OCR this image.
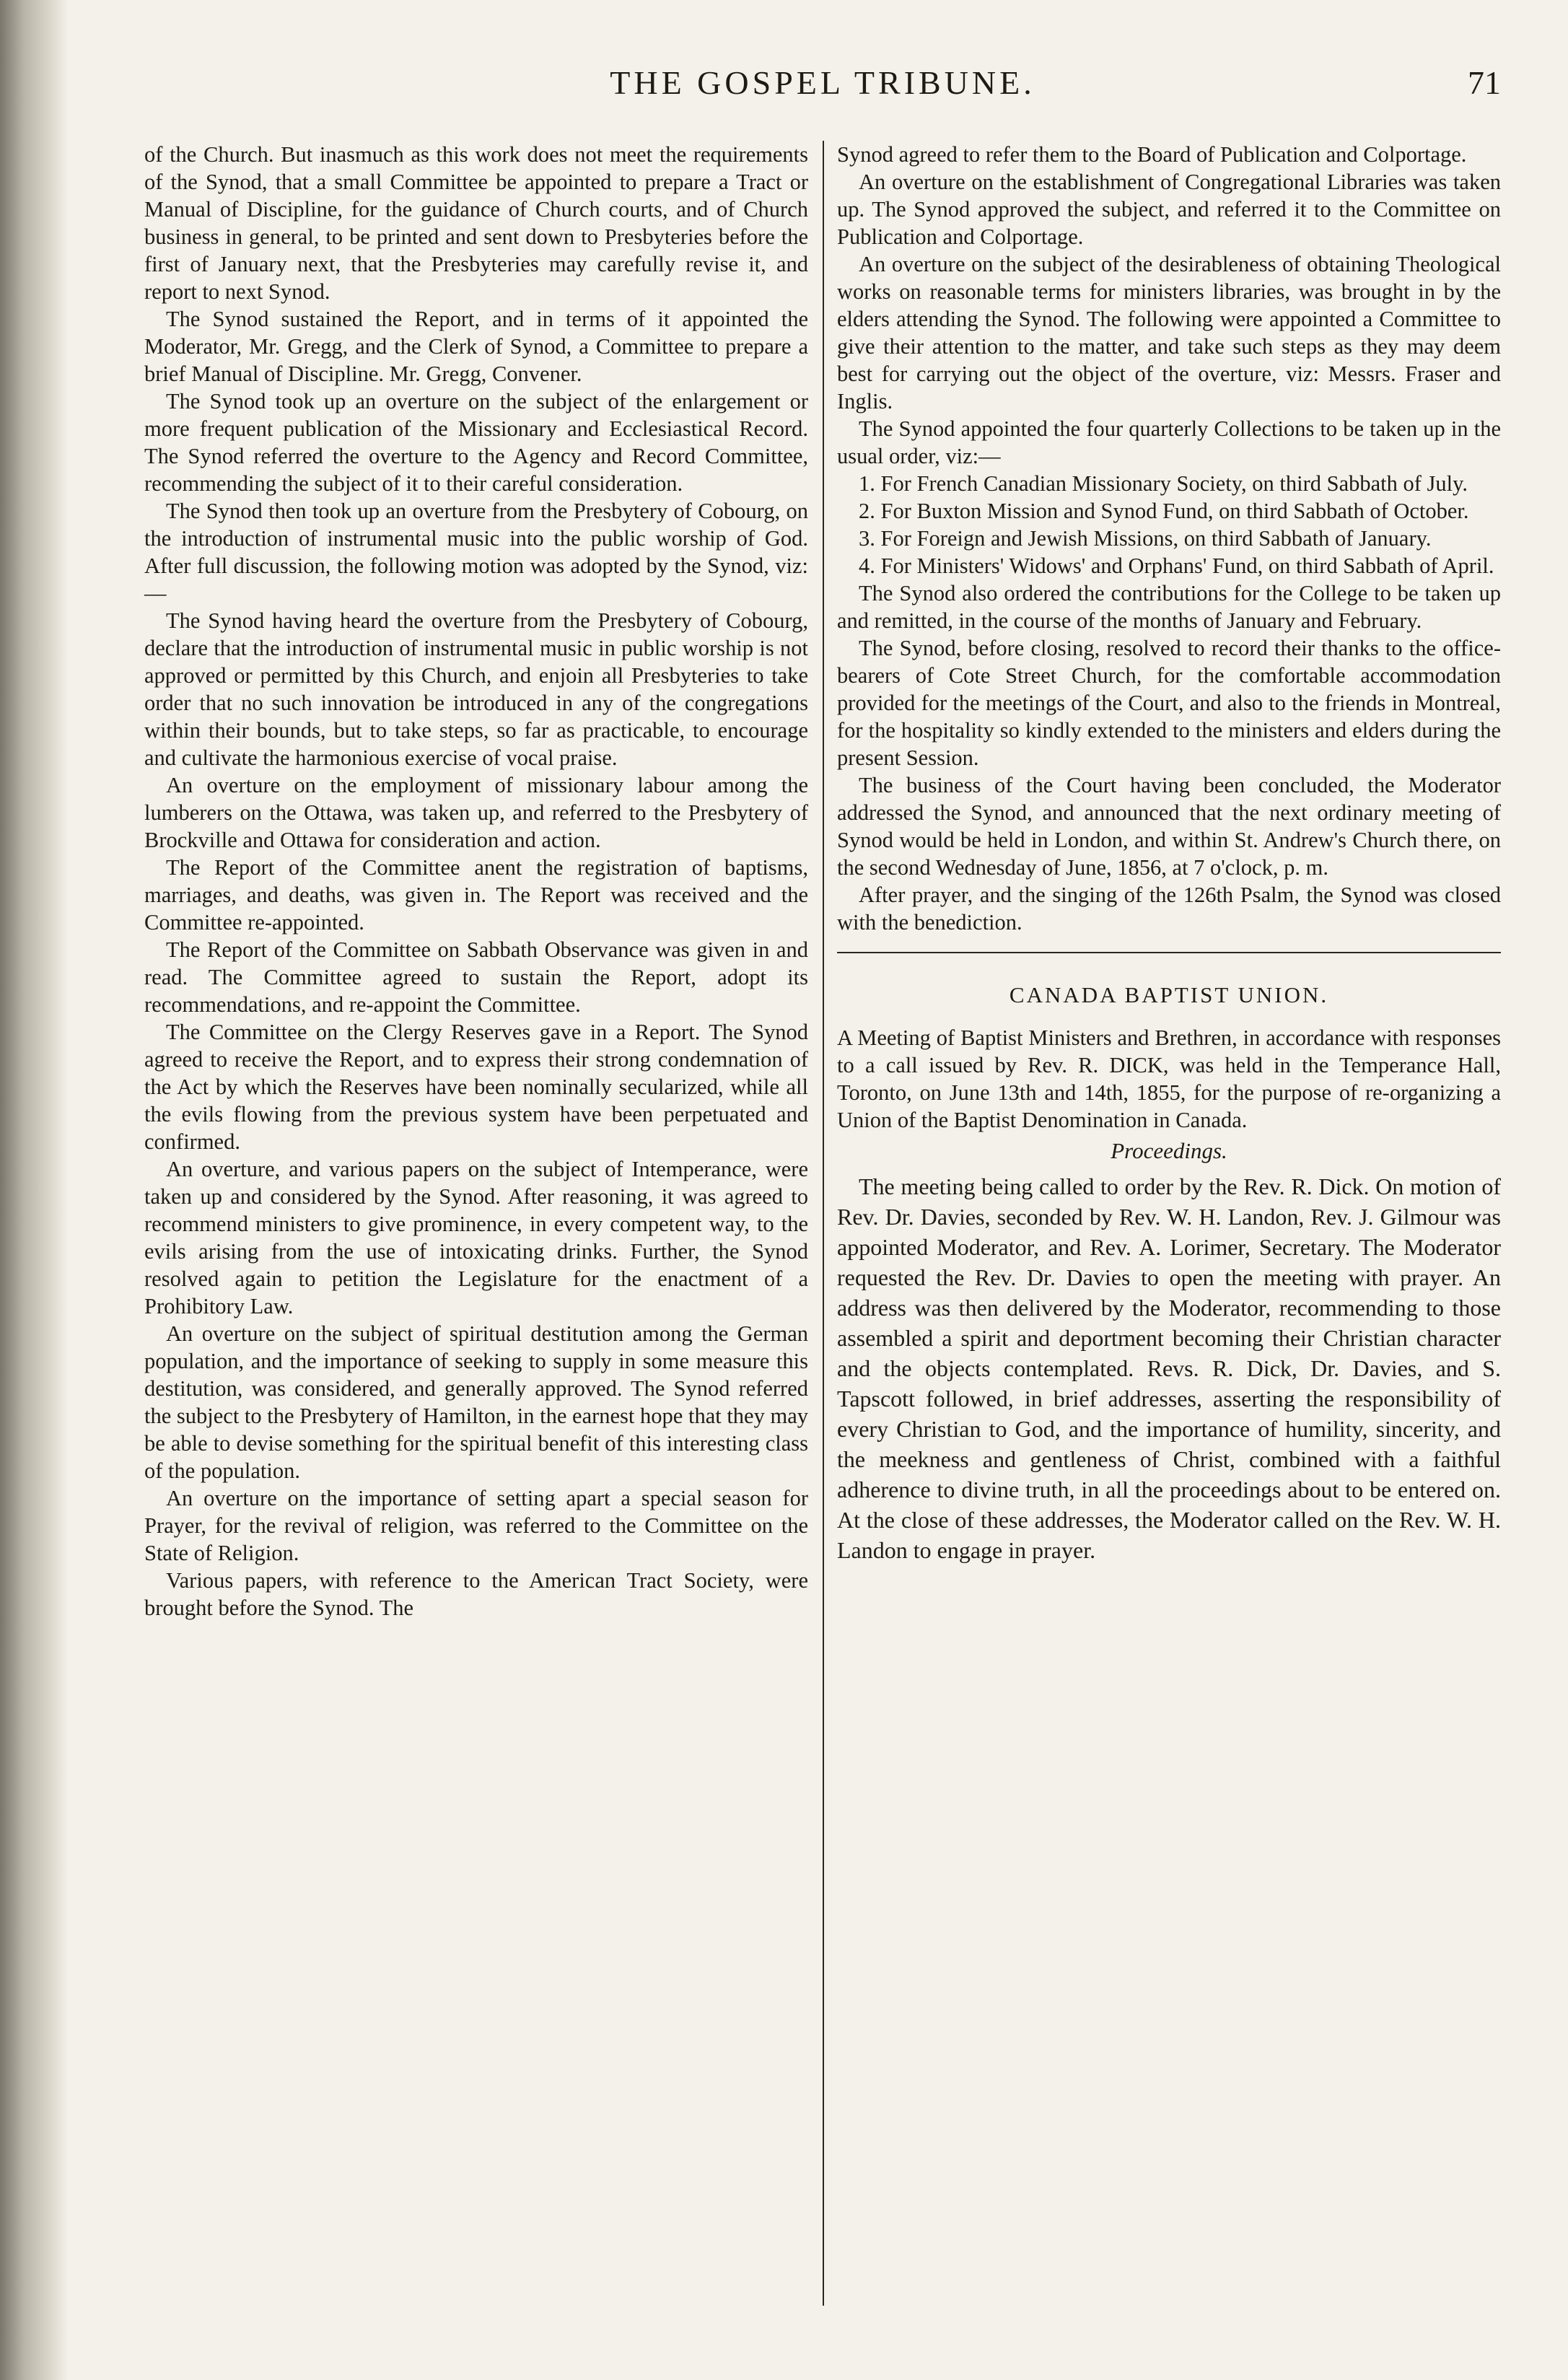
THE GOSPEL TRIBUNE.	71

of the Church. But inasmuch as this work does not meet the requirements of the Synod, that a small Committee be appointed to prepare a Tract or Manual of Discipline, for the guidance of Church courts, and of Church business in general, to be printed and sent down to Presbyteries before the first of January next, that the Presbyteries may carefully revise it, and report to next Synod.

The Synod sustained the Report, and in terms of it appointed the Moderator, Mr. Gregg, and the Clerk of Synod, a Committee to prepare a brief Manual of Discipline. Mr. Gregg, Convener.

The Synod took up an overture on the subject of the enlargement or more frequent publication of the Missionary and Ecclesiastical Record. The Synod referred the overture to the Agency and Record Committee, recommending the subject of it to their careful consideration.

The Synod then took up an overture from the Presbytery of Cobourg, on the introduction of instrumental music into the public worship of God. After full discussion, the following motion was adopted by the Synod, viz:—

The Synod having heard the overture from the Presbytery of Cobourg, declare that the introduction of instrumental music in public worship is not approved or permitted by this Church, and enjoin all Presbyteries to take order that no such innovation be introduced in any of the congregations within their bounds, but to take steps, so far as practicable, to encourage and cultivate the harmonious exercise of vocal praise.

An overture on the employment of missionary labour among the lumberers on the Ottawa, was taken up, and referred to the Presbytery of Brockville and Ottawa for consideration and action.

The Report of the Committee anent the registration of baptisms, marriages, and deaths, was given in. The Report was received and the Committee re-appointed.

The Report of the Committee on Sabbath Observance was given in and read. The Committee agreed to sustain the Report, adopt its recommendations, and re-appoint the Committee.

The Committee on the Clergy Reserves gave in a Report. The Synod agreed to receive the Report, and to express their strong condemnation of the Act by which the Reserves have been nominally secularized, while all the evils flowing from the previous system have been perpetuated and confirmed.

An overture, and various papers on the subject of Intemperance, were taken up and considered by the Synod. After reasoning, it was agreed to recommend ministers to give prominence, in every competent way, to the evils arising from the use of intoxicating drinks. Further, the Synod resolved again to petition the Legislature for the enactment of a Prohibitory Law.

An overture on the subject of spiritual destitution among the German population, and the importance of seeking to supply in some measure this destitution, was considered, and generally approved. The Synod referred the subject to the Presbytery of Hamilton, in the earnest hope that they may be able to devise something for the spiritual benefit of this interesting class of the population.

An overture on the importance of setting apart a special season for Prayer, for the revival of religion, was referred to the Committee on the State of Religion.

Various papers, with reference to the American Tract Society, were brought before the Synod. The

Synod agreed to refer them to the Board of Publication and Colportage.

An overture on the establishment of Congregational Libraries was taken up. The Synod approved the subject, and referred it to the Committee on Publication and Colportage.

An overture on the subject of the desirableness of obtaining Theological works on reasonable terms for ministers libraries, was brought in by the elders attending the Synod. The following were appointed a Committee to give their attention to the matter, and take such steps as they may deem best for carrying out the object of the overture, viz: Messrs. Fraser and Inglis.

The Synod appointed the four quarterly Collections to be taken up in the usual order, viz:—

1. For French Canadian Missionary Society, on third Sabbath of July.

2. For Buxton Mission and Synod Fund, on third Sabbath of October.

3. For Foreign and Jewish Missions, on third Sabbath of January.

4. For Ministers' Widows' and Orphans' Fund, on third Sabbath of April.

The Synod also ordered the contributions for the College to be taken up and remitted, in the course of the months of January and February.

The Synod, before closing, resolved to record their thanks to the office-bearers of Cote Street Church, for the comfortable accommodation provided for the meetings of the Court, and also to the friends in Montreal, for the hospitality so kindly extended to the ministers and elders during the present Session.

The business of the Court having been concluded, the Moderator addressed the Synod, and announced that the next ordinary meeting of Synod would be held in London, and within St. Andrew's Church there, on the second Wednesday of June, 1856, at 7 o'clock, p. m.

After prayer, and the singing of the 126th Psalm, the Synod was closed with the benediction.

CANADA BAPTIST UNION.

A Meeting of Baptist Ministers and Brethren, in accordance with responses to a call issued by Rev. R. DICK, was held in the Temperance Hall, Toronto, on June 13th and 14th, 1855, for the purpose of re-organizing a Union of the Baptist Denomination in Canada.

Proceedings.

The meeting being called to order by the Rev. R. Dick. On motion of Rev. Dr. Davies, seconded by Rev. W. H. Landon, Rev. J. Gilmour was appointed Moderator, and Rev. A. Lorimer, Secretary. The Moderator requested the Rev. Dr. Davies to open the meeting with prayer. An address was then delivered by the Moderator, recommending to those assembled a spirit and deportment becoming their Christian character and the objects contemplated. Revs. R. Dick, Dr. Davies, and S. Tapscott followed, in brief addresses, asserting the responsibility of every Christian to God, and the importance of humility, sincerity, and the meekness and gentleness of Christ, combined with a faithful adherence to divine truth, in all the proceedings about to be entered on. At the close of these addresses, the Moderator called on the Rev. W. H. Landon to engage in prayer.
